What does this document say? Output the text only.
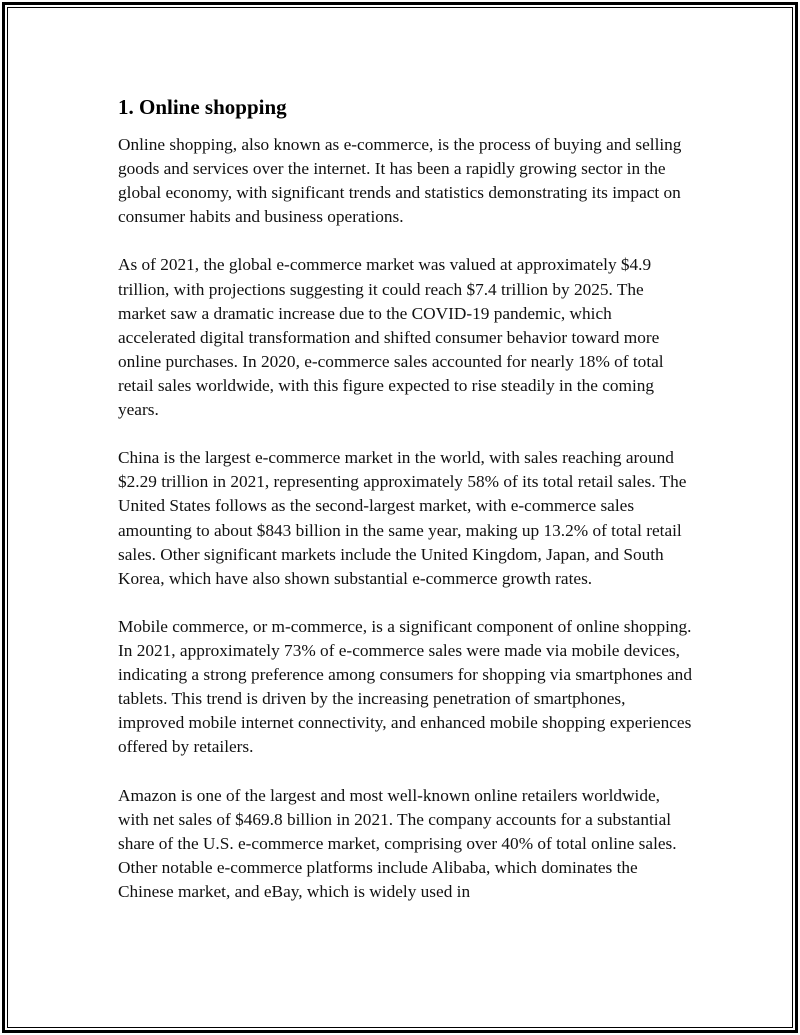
1. Online shopping

Online shopping, also known as e-commerce, is the process of buying and selling goods and services over the internet. It has been a rapidly growing sector in the global economy, with significant trends and statistics demonstrating its impact on consumer habits and business operations.

As of 2021, the global e-commerce market was valued at approximately $4.9 trillion, with projections suggesting it could reach $7.4 trillion by 2025. The market saw a dramatic increase due to the COVID-19 pandemic, which accelerated digital transformation and shifted consumer behavior toward more online purchases. In 2020, e-commerce sales accounted for nearly 18% of total retail sales worldwide, with this figure expected to rise steadily in the coming years.

China is the largest e-commerce market in the world, with sales reaching around $2.29 trillion in 2021, representing approximately 58% of its total retail sales. The United States follows as the second-largest market, with e-commerce sales amounting to about $843 billion in the same year, making up 13.2% of total retail sales. Other significant markets include the United Kingdom, Japan, and South Korea, which have also shown substantial e-commerce growth rates.

Mobile commerce, or m-commerce, is a significant component of online shopping. In 2021, approximately 73% of e-commerce sales were made via mobile devices, indicating a strong preference among consumers for shopping via smartphones and tablets. This trend is driven by the increasing penetration of smartphones, improved mobile internet connectivity, and enhanced mobile shopping experiences offered by retailers.

Amazon is one of the largest and most well-known online retailers worldwide, with net sales of $469.8 billion in 2021. The company accounts for a substantial share of the U.S. e-commerce market, comprising over 40% of total online sales. Other notable e-commerce platforms include Alibaba, which dominates the Chinese market, and eBay, which is widely used in
